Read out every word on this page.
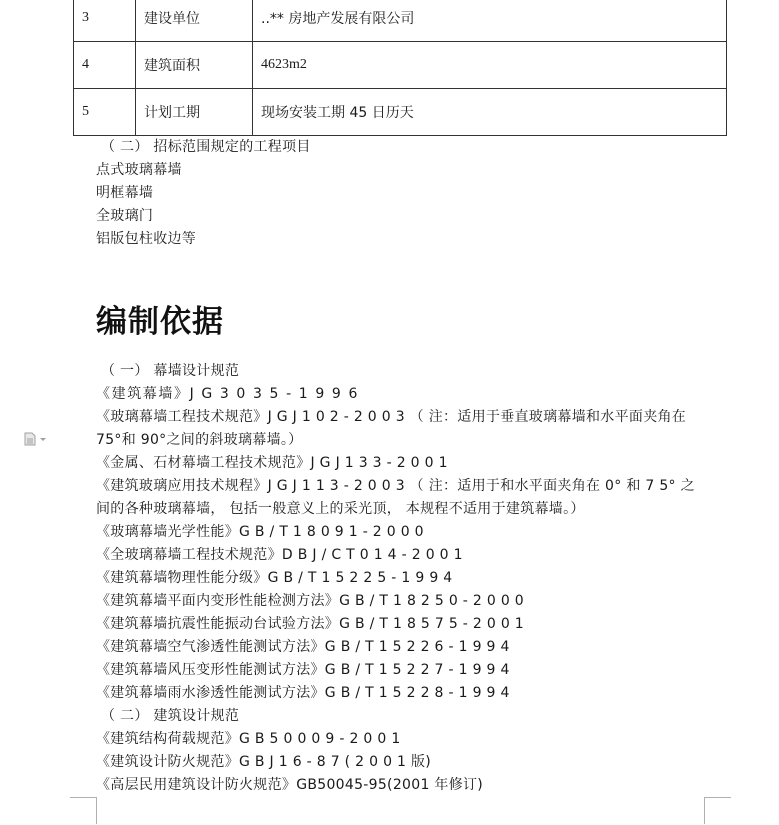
3	建设单位	..** 房地产发展有限公司
4	建筑面积	4623m2
5	计划工期	现场安装工期 45 日历天
（ 二） 招标范围规定的工程项目
点式玻璃幕墙
明框幕墙
全玻璃门
铝版包柱收边等
编制依据
（ 一） 幕墙设计规范
《建筑幕墙》J G 3 0 3 5 - 1 9 9 6
《玻璃幕墙工程技术规范》J G J 1 0 2 - 2 0 0 3 （ 注：适用于垂直玻璃幕墙和水平面夹角在
75°和 90°之间的斜玻璃幕墙。）
《金属、石材幕墙工程技术规范》J G J 1 3 3 - 2 0 0 1
《建筑玻璃应用技术规程》J G J 1 1 3 - 2 0 0 3 （ 注：适用于和水平面夹角在 0° 和 7 5° 之
间的各种玻璃幕墙， 包括一般意义上的采光顶， 本规程不适用于建筑幕墙。）
《玻璃幕墙光学性能》G B / T 1 8 0 9 1 - 2 0 0 0
《全玻璃幕墙工程技术规范》D B J / C T 0 1 4 - 2 0 0 1
《建筑幕墙物理性能分级》G B / T 1 5 2 2 5 - 1 9 9 4
《建筑幕墙平面内变形性能检测方法》G B / T 1 8 2 5 0 - 2 0 0 0
《建筑幕墙抗震性能振动台试验方法》G B / T 1 8 5 7 5 - 2 0 0 1
《建筑幕墙空气渗透性能测试方法》G B / T 1 5 2 2 6 - 1 9 9 4
《建筑幕墙风压变形性能测试方法》G B / T 1 5 2 2 7 - 1 9 9 4
《建筑幕墙雨水渗透性能测试方法》G B / T 1 5 2 2 8 - 1 9 9 4
（ 二） 建筑设计规范
《建筑结构荷载规范》G B 5 0 0 0 9 - 2 0 0 1
《建筑设计防火规范》G B J 1 6 - 8 7 ( 2 0 0 1 版)
《高层民用建筑设计防火规范》GB50045-95(2001 年修订)
